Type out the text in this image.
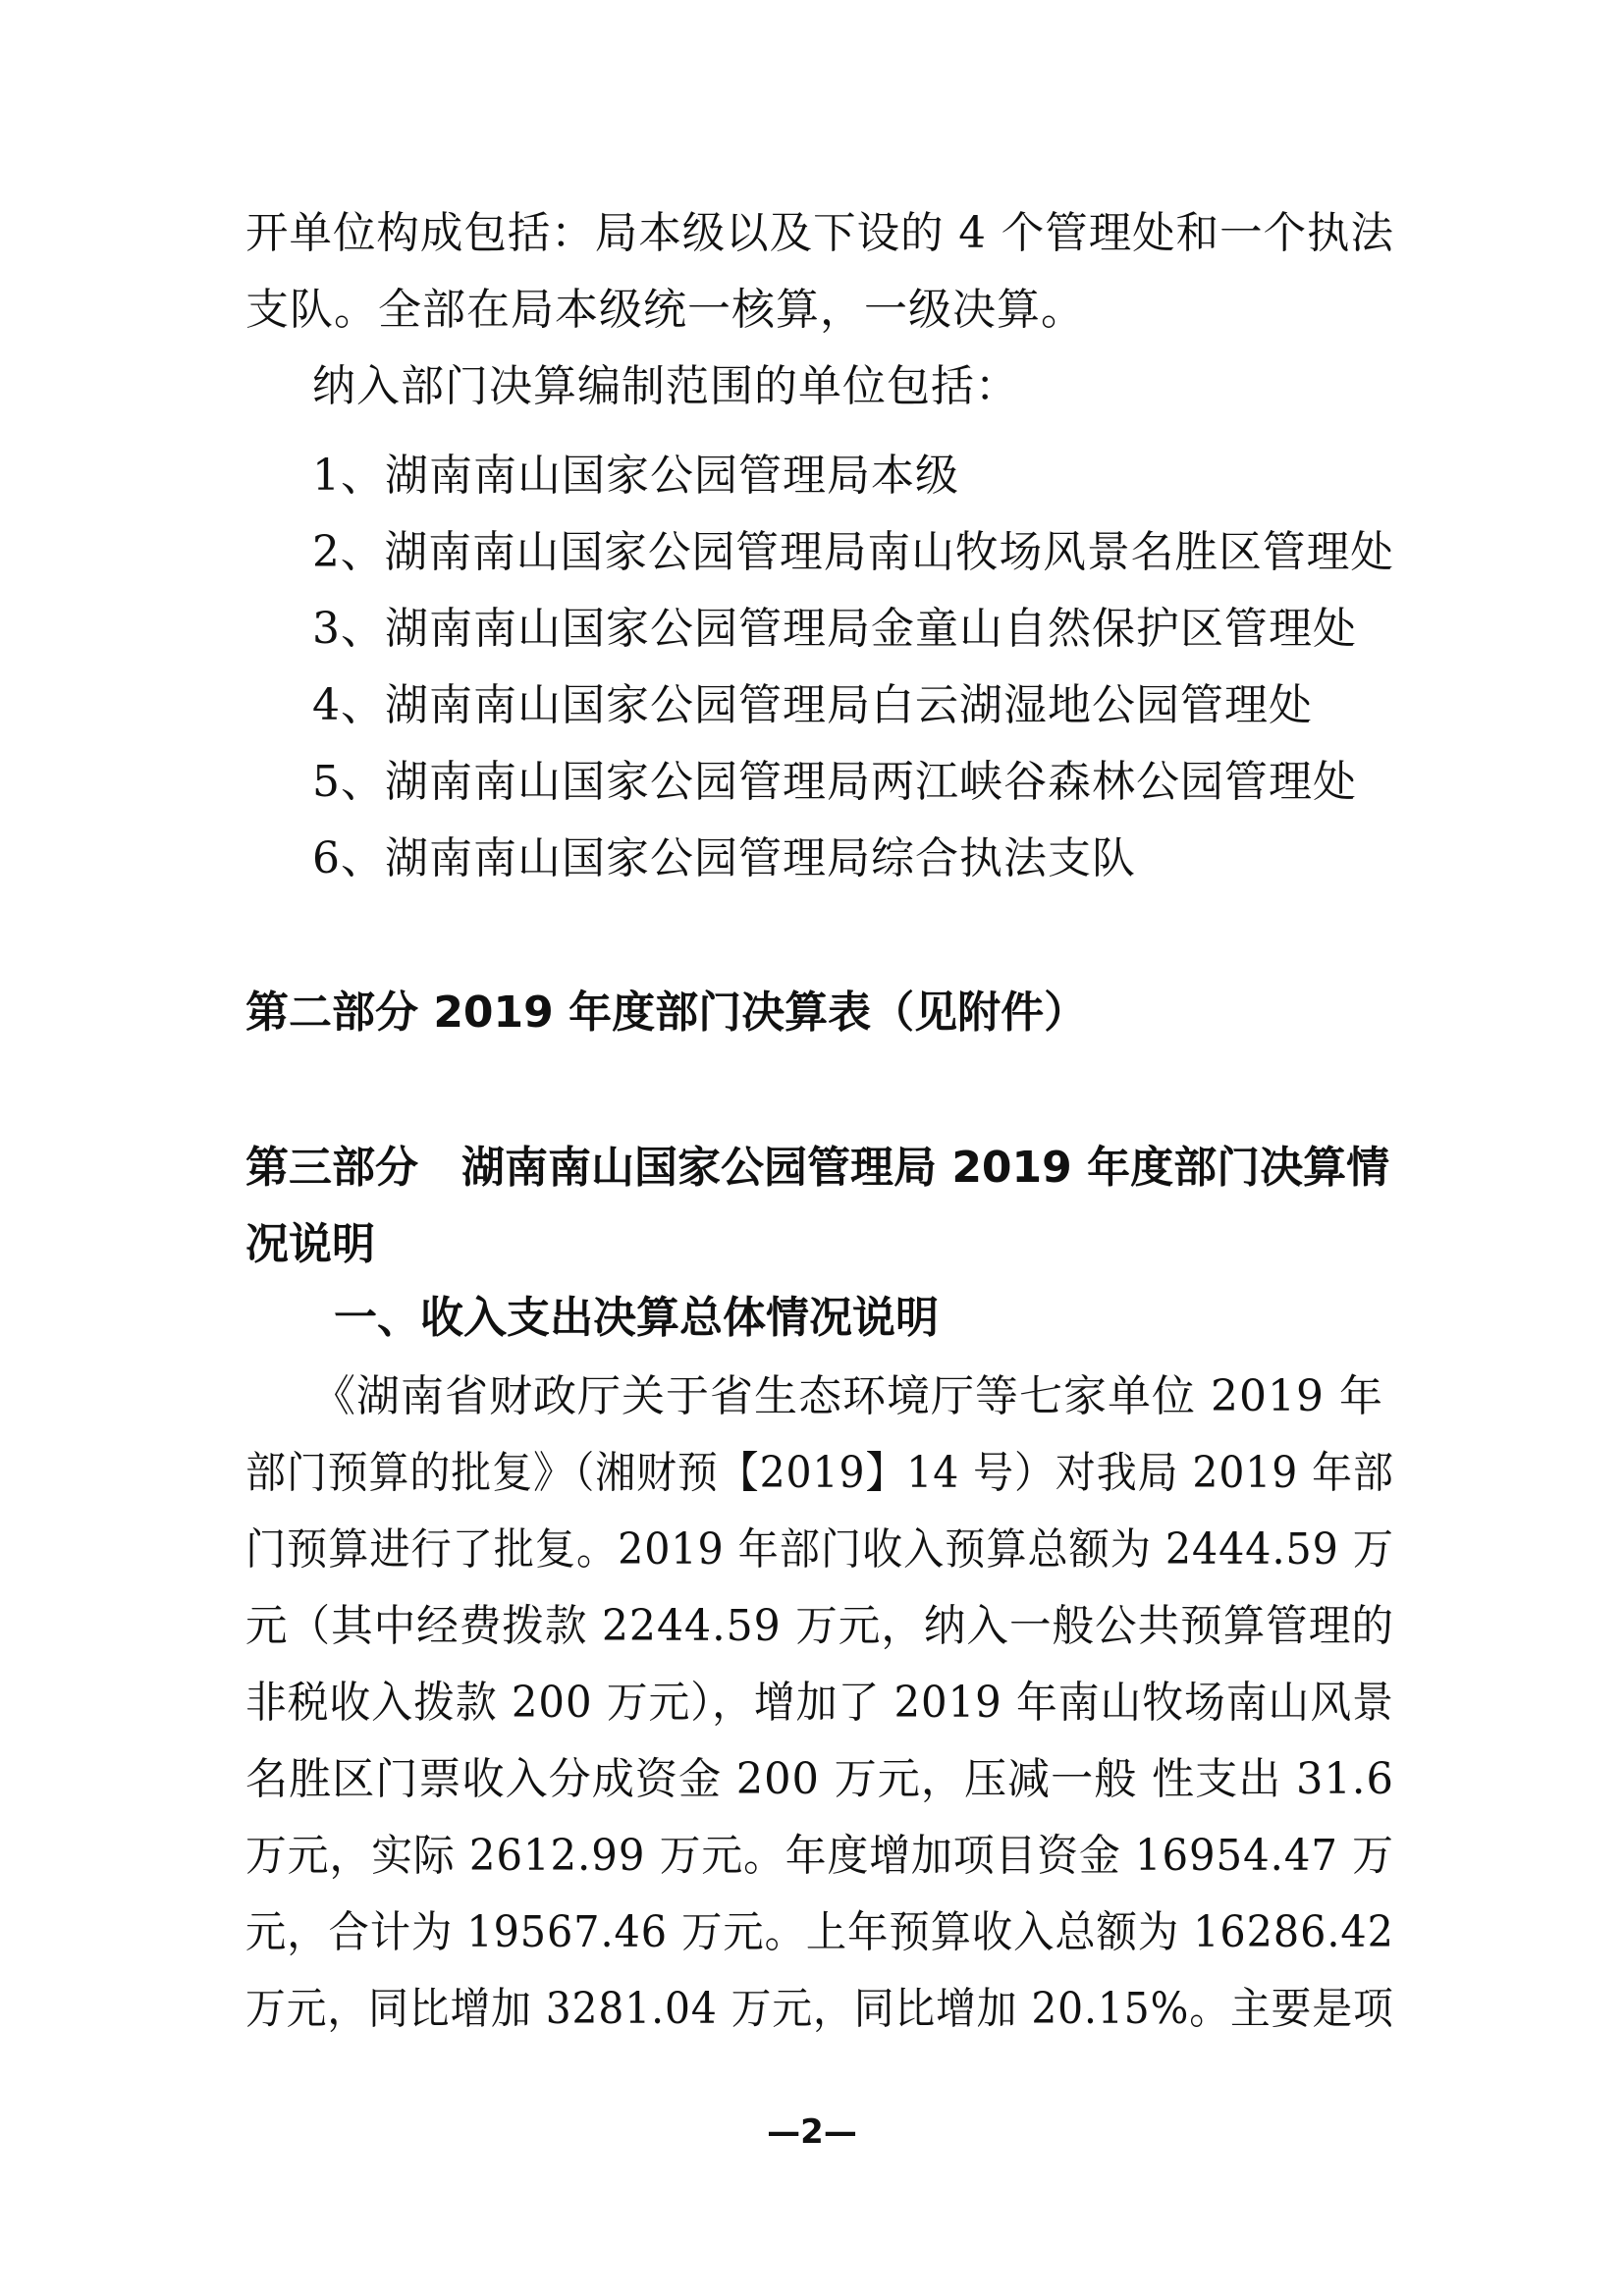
开单位构成包括：局本级以及下设的 4 个管理处和一个执法
支队。全部在局本级统一核算，一级决算。
纳入部门决算编制范围的单位包括：
1、湖南南山国家公园管理局本级
2、湖南南山国家公园管理局南山牧场风景名胜区管理处
3、湖南南山国家公园管理局金童山自然保护区管理处
4、湖南南山国家公园管理局白云湖湿地公园管理处
5、湖南南山国家公园管理局两江峡谷森林公园管理处
6、湖南南山国家公园管理局综合执法支队
第二部分 2019 年度部门决算表（见附件）
第三部分　湖南南山国家公园管理局 2019 年度部门决算情
况说明
一、收入支出决算总体情况说明
《湖南省财政厅关于省生态环境厅等七家单位 2019 年
部门预算的批复》（湘财预【2019】14 号）对我局 2019 年部
门预算进行了批复。2019 年部门收入预算总额为 2444.59 万
元（其中经费拨款 2244.59 万元，纳入一般公共预算管理的
非税收入拨款 200 万元），增加了 2019 年南山牧场南山风景
名胜区门票收入分成资金 200 万元，压减一般 性支出 31.6
万元，实际 2612.99 万元。年度增加项目资金 16954.47 万
元，合计为 19567.46 万元。上年预算收入总额为 16286.42
万元，同比增加 3281.04 万元，同比增加 20.15%。主要是项
—2—
